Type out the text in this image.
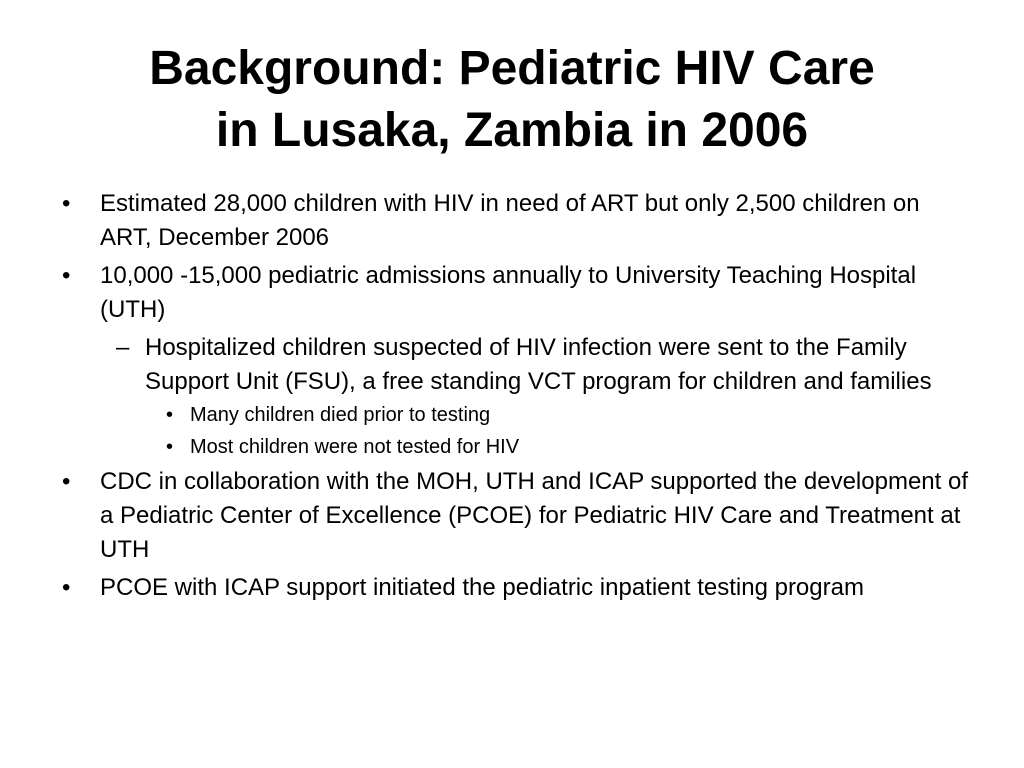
Background: Pediatric HIV Care
in Lusaka, Zambia in 2006
• Estimated 28,000 children with HIV in need of ART but only 2,500 children on ART, December 2006
• 10,000 -15,000 pediatric admissions annually to University Teaching Hospital (UTH)
– Hospitalized children suspected of HIV infection were sent to the Family Support Unit (FSU), a free standing VCT program for children and families
• Many children died prior to testing
• Most children were not tested for HIV
• CDC in collaboration with the MOH, UTH and ICAP supported the development of a Pediatric Center of Excellence (PCOE) for Pediatric HIV Care and Treatment at UTH
• PCOE with ICAP support initiated the pediatric inpatient testing program
